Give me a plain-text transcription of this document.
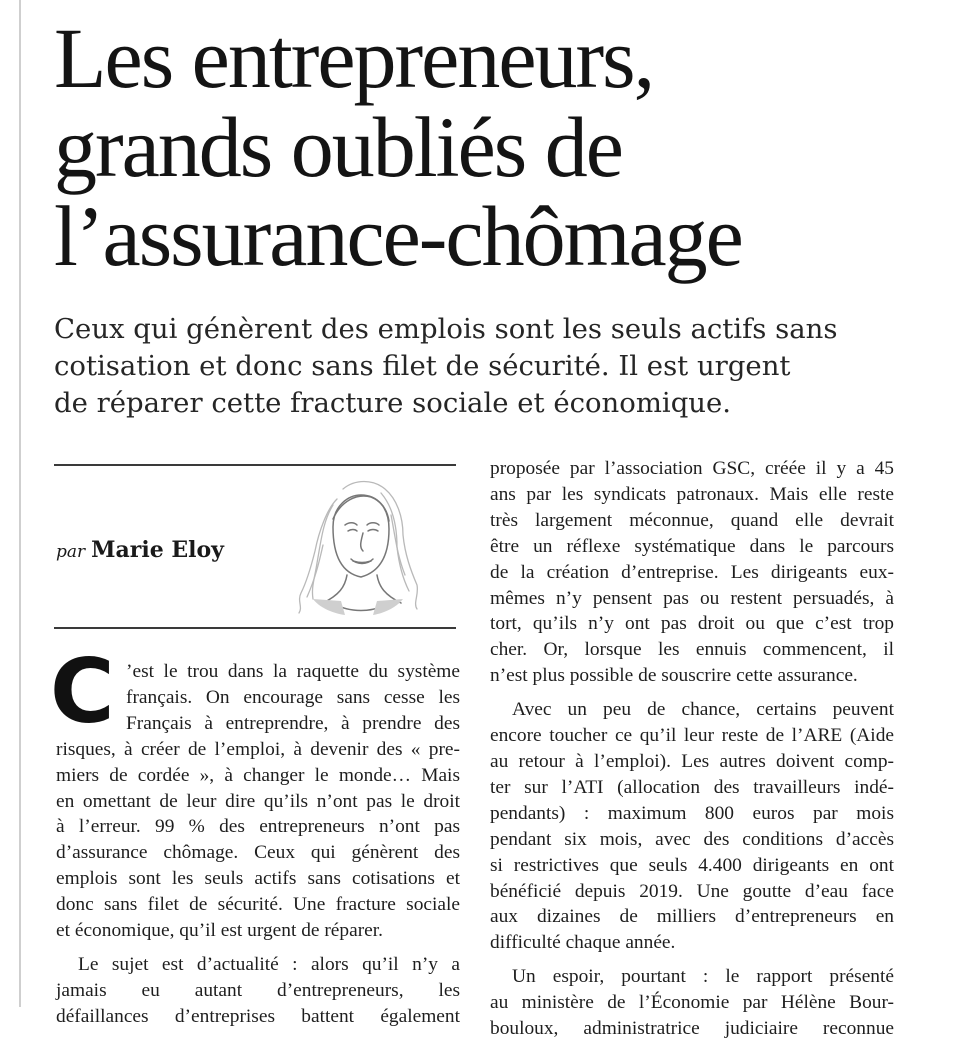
Les entrepreneurs,
grands oubliés de
l’assurance-chômage

Ceux qui génèrent des emplois sont les seuls actifs sans
cotisation et donc sans filet de sécurité. Il est urgent
de réparer cette fracture sociale et économique.

par Marie Eloy
C ’est le trou dans la raquette du système
français. On encourage sans cesse les
Français à entreprendre, à prendre des
risques, à créer de l’emploi, à devenir des « pre-
miers de cordée », à changer le monde… Mais
en omettant de leur dire qu’ils n’ont pas le droit
à l’erreur. 99 % des entrepreneurs n’ont pas
d’assurance chômage. Ceux qui génèrent des
emplois sont les seuls actifs sans cotisations et
donc sans filet de sécurité. Une fracture sociale
et économique, qu’il est urgent de réparer.
Le sujet est d’actualité : alors qu’il n’y a
jamais eu autant d’entrepreneurs, les
défaillances d’entreprises battent également
proposée par l’association GSC, créée il y a 45
ans par les syndicats patronaux. Mais elle reste
très largement méconnue, quand elle devrait
être un réflexe systématique dans le parcours
de la création d’entreprise. Les dirigeants eux-
mêmes n’y pensent pas ou restent persuadés, à
tort, qu’ils n’y ont pas droit ou que c’est trop
cher. Or, lorsque les ennuis commencent, il
n’est plus possible de souscrire cette assurance.
Avec un peu de chance, certains peuvent
encore toucher ce qu’il leur reste de l’ARE (Aide
au retour à l’emploi). Les autres doivent comp-
ter sur l’ATI (allocation des travailleurs indé-
pendants) : maximum 800 euros par mois
pendant six mois, avec des conditions d’accès
si restrictives que seuls 4.400 dirigeants en ont
bénéficié depuis 2019. Une goutte d’eau face
aux dizaines de milliers d’entrepreneurs en
difficulté chaque année.
Un espoir, pourtant : le rapport présenté
au ministère de l’Économie par Hélène Bour-
bouloux, administratrice judiciaire reconnue
